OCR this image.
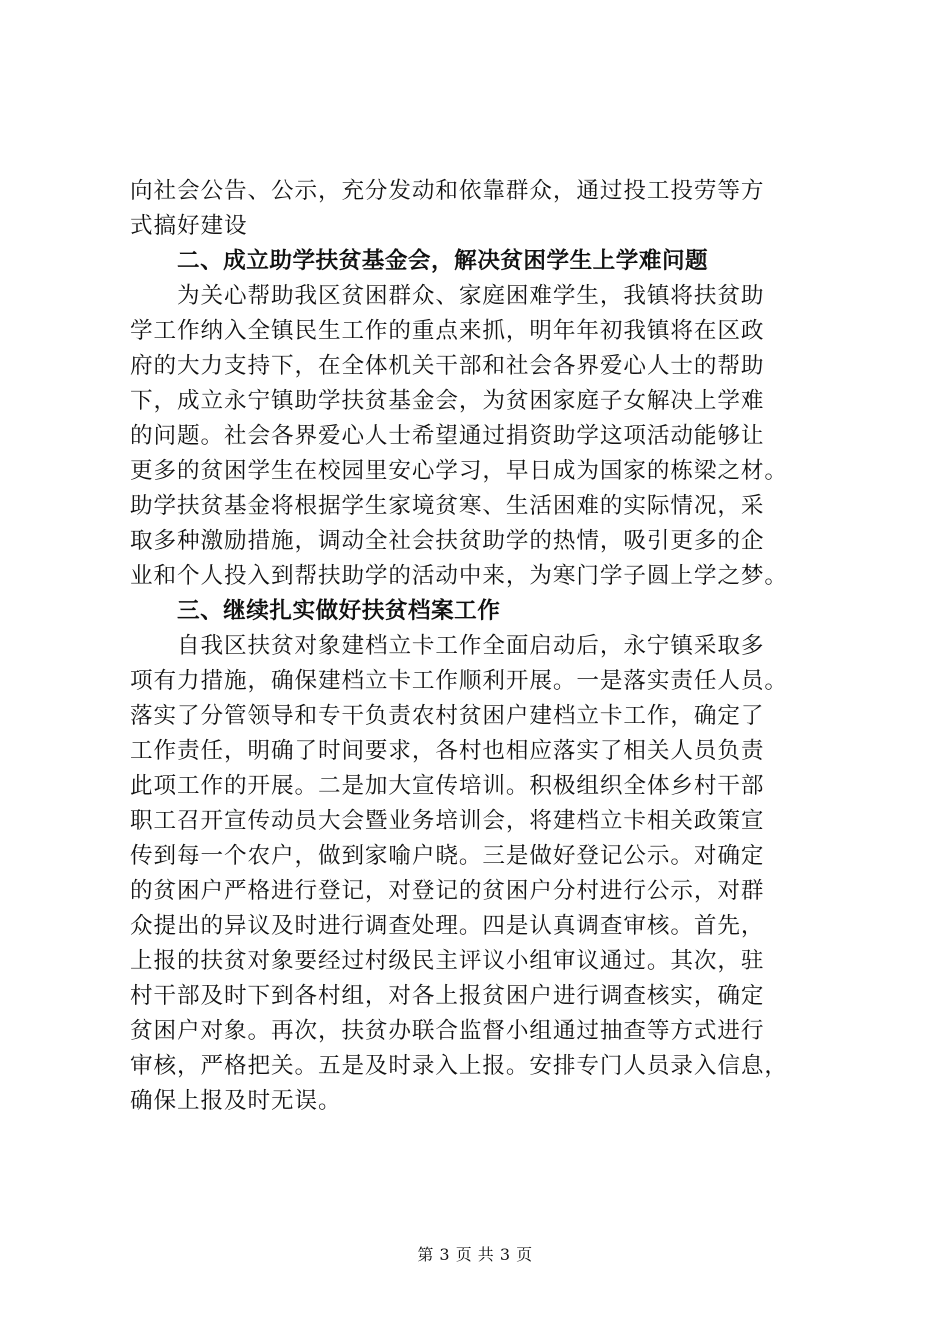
向社会公告、公示，充分发动和依靠群众，通过投工投劳等方
式搞好建设
二、成立助学扶贫基金会，解决贫困学生上学难问题
为关心帮助我区贫困群众、家庭困难学生，我镇将扶贫助
学工作纳入全镇民生工作的重点来抓，明年年初我镇将在区政
府的大力支持下，在全体机关干部和社会各界爱心人士的帮助
下，成立永宁镇助学扶贫基金会，为贫困家庭子女解决上学难
的问题。社会各界爱心人士希望通过捐资助学这项活动能够让
更多的贫困学生在校园里安心学习，早日成为国家的栋梁之材。
助学扶贫基金将根据学生家境贫寒、生活困难的实际情况，采
取多种激励措施，调动全社会扶贫助学的热情，吸引更多的企
业和个人投入到帮扶助学的活动中来，为寒门学子圆上学之梦。
三、继续扎实做好扶贫档案工作
自我区扶贫对象建档立卡工作全面启动后，永宁镇采取多
项有力措施，确保建档立卡工作顺利开展。一是落实责任人员。
落实了分管领导和专干负责农村贫困户建档立卡工作，确定了
工作责任，明确了时间要求，各村也相应落实了相关人员负责
此项工作的开展。二是加大宣传培训。积极组织全体乡村干部
职工召开宣传动员大会暨业务培训会，将建档立卡相关政策宣
传到每一个农户，做到家喻户晓。三是做好登记公示。对确定
的贫困户严格进行登记，对登记的贫困户分村进行公示，对群
众提出的异议及时进行调查处理。四是认真调查审核。首先，
上报的扶贫对象要经过村级民主评议小组审议通过。其次，驻
村干部及时下到各村组，对各上报贫困户进行调查核实，确定
贫困户对象。再次，扶贫办联合监督小组通过抽查等方式进行
审核，严格把关。五是及时录入上报。安排专门人员录入信息，
确保上报及时无误。
第 3 页 共 3 页
